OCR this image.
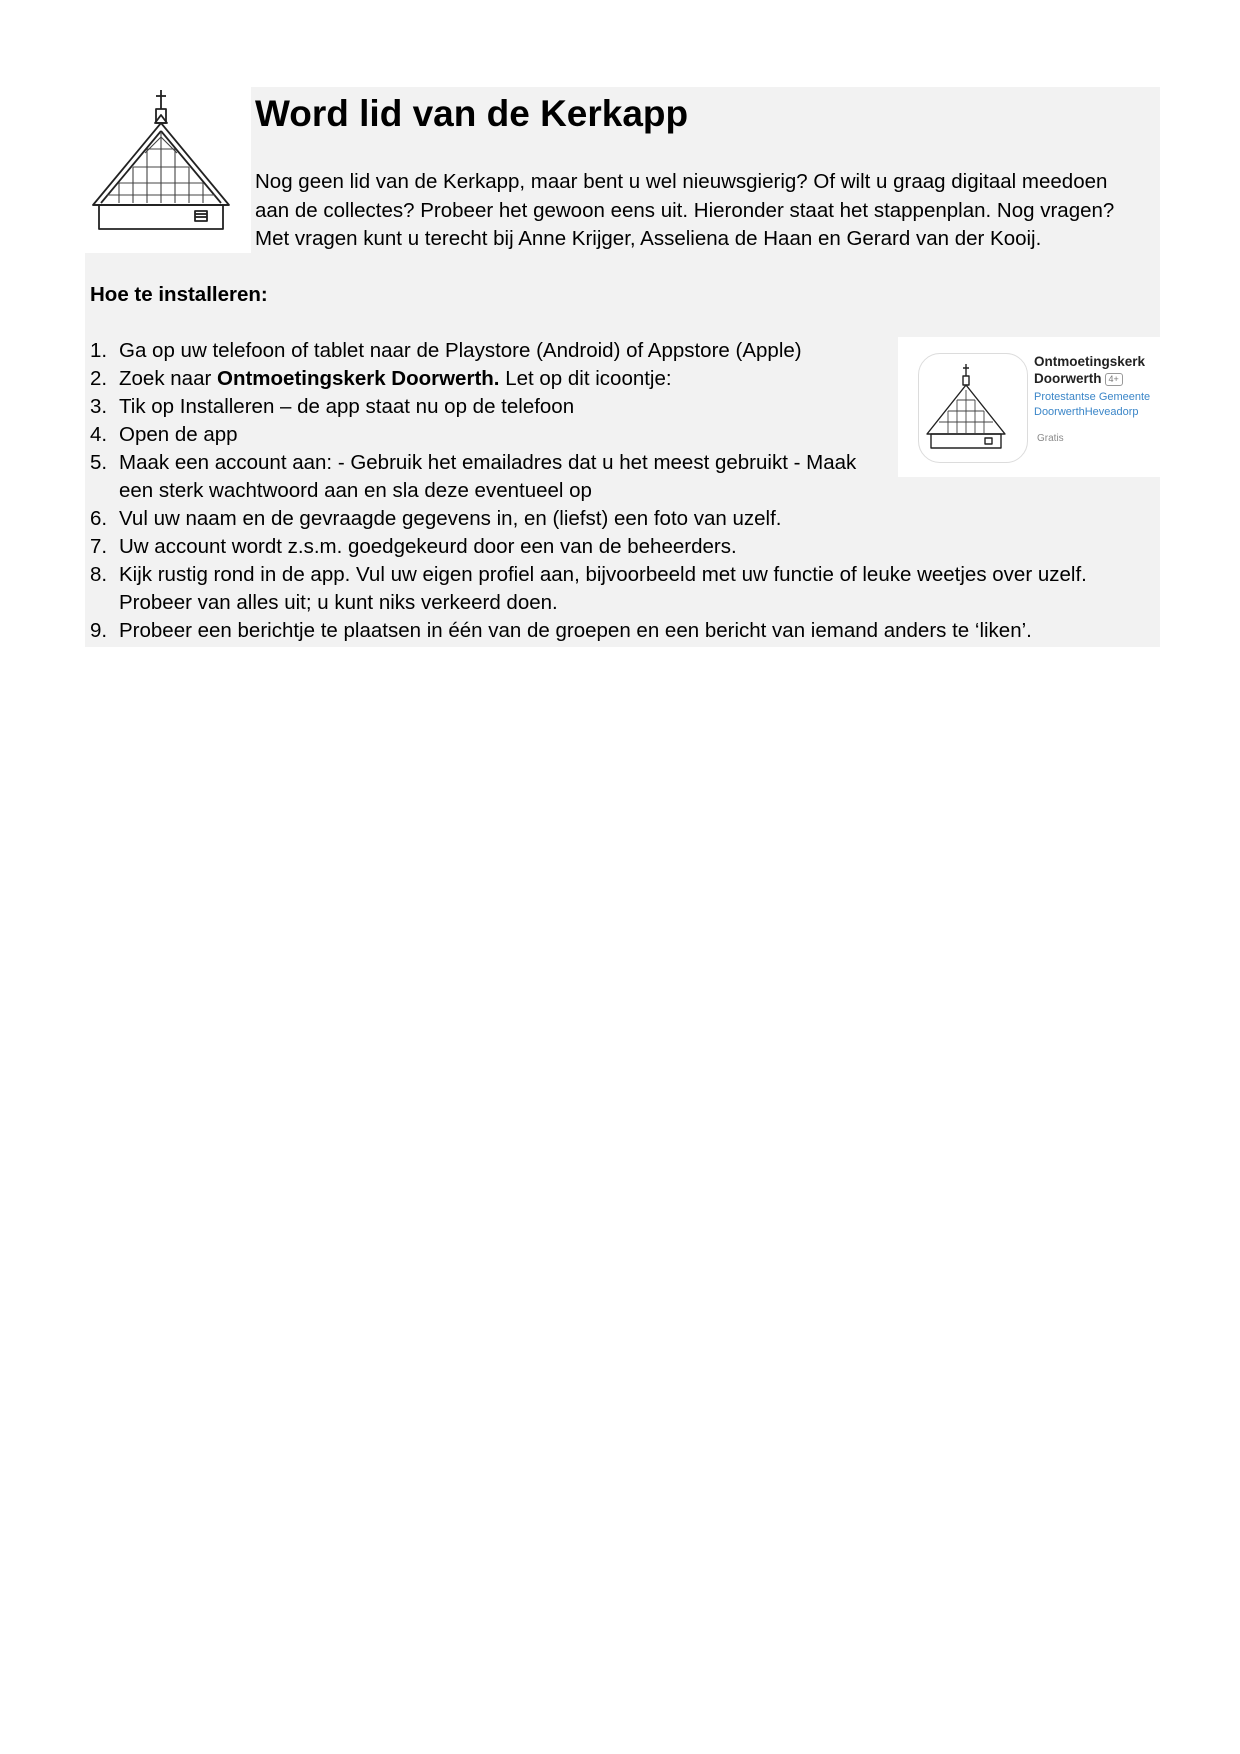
Word lid van de Kerkapp
Nog geen lid van de Kerkapp, maar bent u wel nieuwsgierig? Of wilt u graag digitaal meedoen
aan de collectes? Probeer het gewoon eens uit. Hieronder staat het stappenplan. Nog vragen?
Met vragen kunt u terecht bij Anne Krijger, Asseliena de Haan en Gerard van der Kooij.
Hoe te installeren:
1. Ga op uw telefoon of tablet naar de Playstore (Android) of Appstore (Apple)
2. Zoek naar Ontmoetingskerk Doorwerth. Let op dit icoontje:
3. Tik op Installeren – de app staat nu op de telefoon
4. Open de app
5. Maak een account aan: - Gebruik het emailadres dat u het meest gebruikt - Maak
een sterk wachtwoord aan en sla deze eventueel op
6. Vul uw naam en de gevraagde gegevens in, en (liefst) een foto van uzelf.
7. Uw account wordt z.s.m. goedgekeurd door een van de beheerders.
8. Kijk rustig rond in de app. Vul uw eigen profiel aan, bijvoorbeeld met uw functie of leuke weetjes over uzelf.
Probeer van alles uit; u kunt niks verkeerd doen.
9. Probeer een berichtje te plaatsen in één van de groepen en een bericht van iemand anders te ‘liken’.
Ontmoetingskerk
Doorwerth 4+
Protestantse Gemeente
DoorwerthHeveadorp
Gratis
